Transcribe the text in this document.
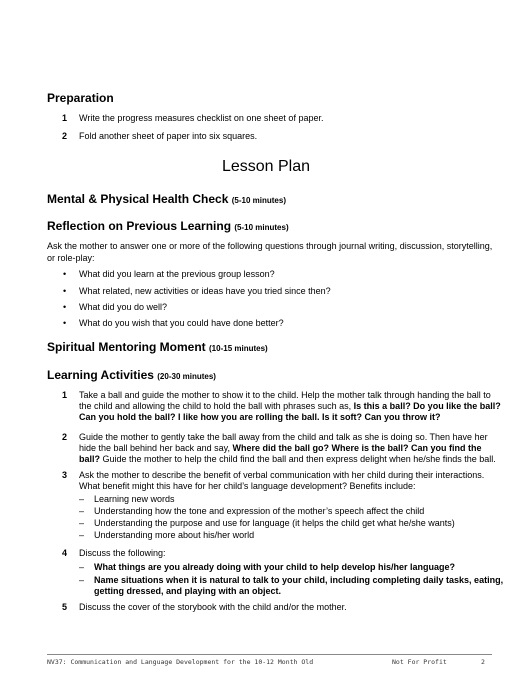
Preparation
1 Write the progress measures checklist on one sheet of paper.
2 Fold another sheet of paper into six squares.
Lesson Plan
Mental & Physical Health Check (5-10 minutes)
Reflection on Previous Learning (5-10 minutes)
Ask the mother to answer one or more of the following questions through journal writing, discussion, storytelling, or role-play:
• What did you learn at the previous group lesson?
• What related, new activities or ideas have you tried since then?
• What did you do well?
• What do you wish that you could have done better?
Spiritual Mentoring Moment (10-15 minutes)
Learning Activities (20-30 minutes)
1 Take a ball and guide the mother to show it to the child. Help the mother talk through handing the ball to the child and allowing the child to hold the ball with phrases such as, Is this a ball? Do you like the ball? Can you hold the ball? I like how you are rolling the ball. Is it soft? Can you throw it?
2 Guide the mother to gently take the ball away from the child and talk as she is doing so. Then have her hide the ball behind her back and say, Where did the ball go? Where is the ball? Can you find the ball? Guide the mother to help the child find the ball and then express delight when he/she finds the ball.
3 Ask the mother to describe the benefit of verbal communication with her child during their interactions. What benefit might this have for her child’s language development? Benefits include:
– Learning new words
– Understanding how the tone and expression of the mother’s speech affect the child
– Understanding the purpose and use for language (it helps the child get what he/she wants)
– Understanding more about his/her world
4 Discuss the following:
– What things are you already doing with your child to help develop his/her language?
– Name situations when it is natural to talk to your child, including completing daily tasks, eating, getting dressed, and playing with an object.
5 Discuss the cover of the storybook with the child and/or the mother.
NV37: Communication and Language Development for the 10-12 Month Old	Not For Profit	2
